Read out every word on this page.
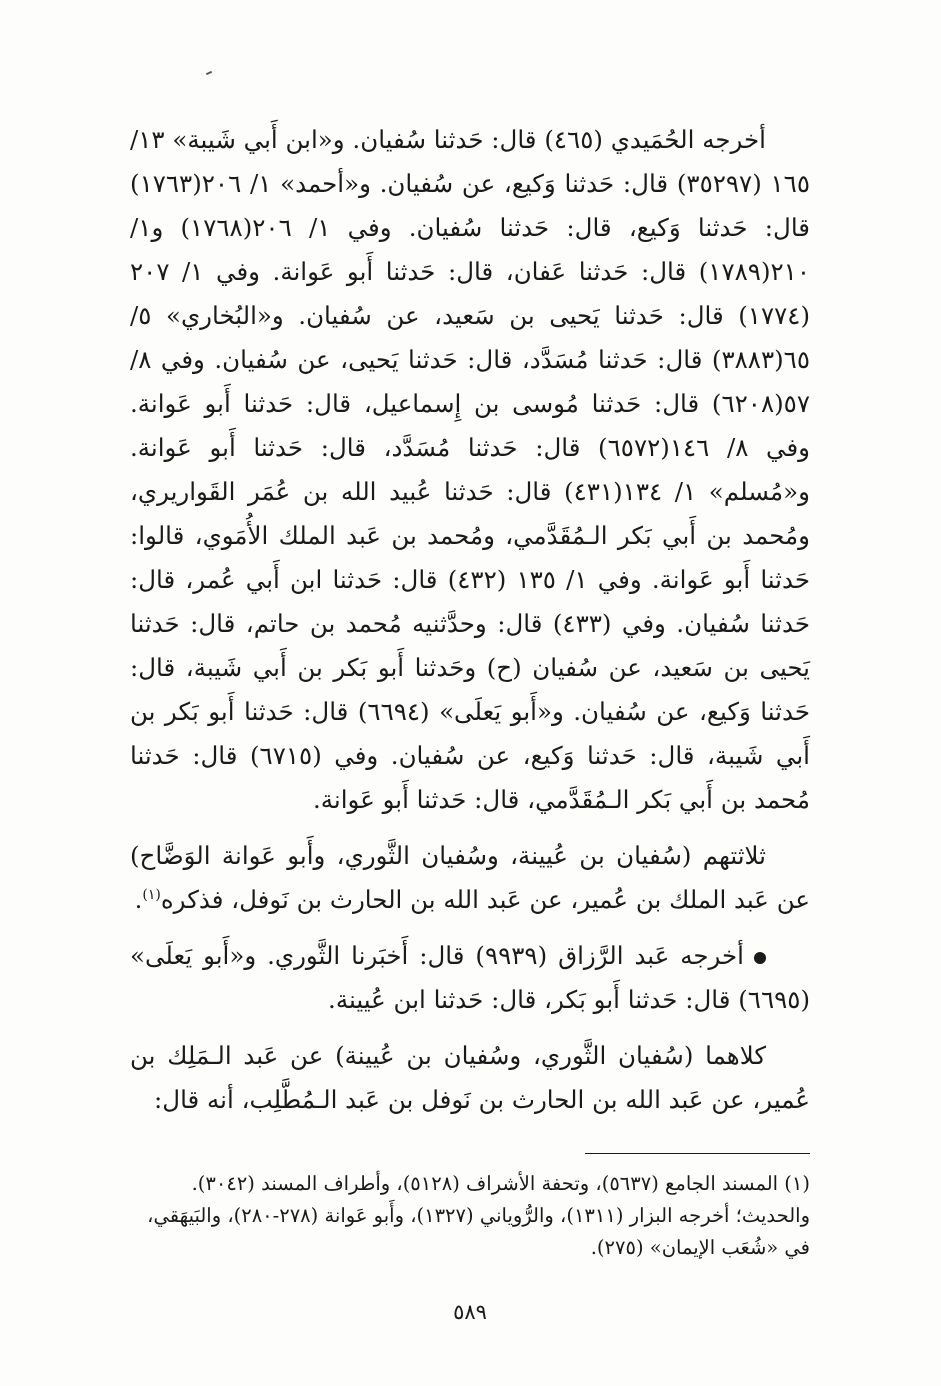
أخرجه الحُمَيدي (٤٦٥) قال: حَدثنا سُفيان. و«ابن أَبي شَيبة» ١٣/ ١٦٥ (٣٥٢٩٧) قال: حَدثنا وَكيع، عن سُفيان. و«أحمد» ١/ ٢٠٦(١٧٦٣) قال: حَدثنا وَكيع، قال: حَدثنا سُفيان. وفي ١/ ٢٠٦(١٧٦٨) و١/ ٢١٠(١٧٨٩) قال: حَدثنا عَفان، قال: حَدثنا أَبو عَوانة. وفي ١/ ٢٠٧ (١٧٧٤) قال: حَدثنا يَحيى بن سَعيد، عن سُفيان. و«البُخاري» ٥/ ٦٥(٣٨٨٣) قال: حَدثنا مُسَدَّد، قال: حَدثنا يَحيى، عن سُفيان. وفي ٨/ ٥٧(٦٢٠٨) قال: حَدثنا مُوسى بن إِسماعيل، قال: حَدثنا أَبو عَوانة. وفي ٨/ ١٤٦(٦٥٧٢) قال: حَدثنا مُسَدَّد، قال: حَدثنا أَبو عَوانة. و«مُسلم» ١/ ١٣٤(٤٣١) قال: حَدثنا عُبيد الله بن عُمَر القَواريري، ومُحمد بن أَبي بَكر الـمُقَدَّمي، ومُحمد بن عَبد الملك الأُمَوي، قالوا: حَدثنا أَبو عَوانة. وفي ١/ ١٣٥ (٤٣٢) قال: حَدثنا ابن أَبي عُمر، قال: حَدثنا سُفيان. وفي (٤٣٣) قال: وحدَّثنيه مُحمد بن حاتم، قال: حَدثنا يَحيى بن سَعيد، عن سُفيان (ح) وحَدثنا أَبو بَكر بن أَبي شَيبة، قال: حَدثنا وَكيع، عن سُفيان. و«أَبو يَعلَى» (٦٦٩٤) قال: حَدثنا أَبو بَكر بن أَبي شَيبة، قال: حَدثنا وَكيع، عن سُفيان. وفي (٦٧١٥) قال: حَدثنا مُحمد بن أَبي بَكر الـمُقَدَّمي، قال: حَدثنا أَبو عَوانة.

ثلاثتهم (سُفيان بن عُيينة، وسُفيان الثَّوري، وأَبو عَوانة الوَضَّاح) عن عَبد الملك بن عُمير، عن عَبد الله بن الحارث بن نَوفل، فذكره$^{(١)}$.

أخرجه عَبد الرَّزاق (٩٩٣٩) قال: أَخبَرنا الثَّوري. و«أَبو يَعلَى» (٦٦٩٥) قال: حَدثنا أَبو بَكر، قال: حَدثنا ابن عُيينة.

كلاهما (سُفيان الثَّوري، وسُفيان بن عُيينة) عن عَبد الـمَلِك بن عُمير، عن عَبد الله بن الحارث بن نَوفل بن عَبد الـمُطَّلِب، أنه قال:

(١) المسند الجامع (٥٦٣٧)، وتحفة الأشراف (٥١٢٨)، وأطراف المسند (٣٠٤٢).

والحديث؛ أخرجه البزار (١٣١١)، والرُّوياني (١٣٢٧)، وأَبو عَوانة (٢٧٨-٢٨٠)، والبَيهَقي، في «شُعَب الإيمان» (٢٧٥).

٥٨٩
